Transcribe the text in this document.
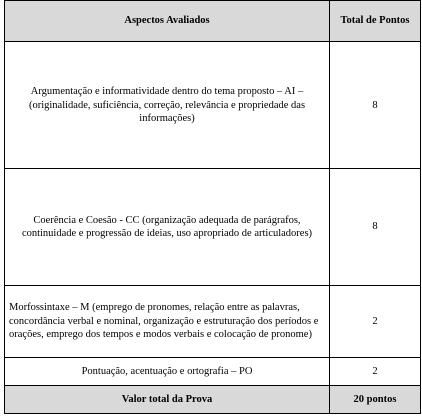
Aspectos Avaliados	Total de Pontos
Argumentação e informatividade dentro do tema proposto – AI – (originalidade, suficiência, correção, relevância e propriedade das informações)	8
Coerência e Coesão - CC (organização adequada de parágrafos, continuidade e progressão de ideias, uso apropriado de articuladores)	8
Morfossintaxe – M (emprego de pronomes, relação entre as palavras, concordância verbal e nominal, organização e estruturação dos períodos e orações, emprego dos tempos e modos verbais e colocação de pronome)	2
Pontuação, acentuação e ortografia – PO	2
Valor total da Prova	20 pontos
